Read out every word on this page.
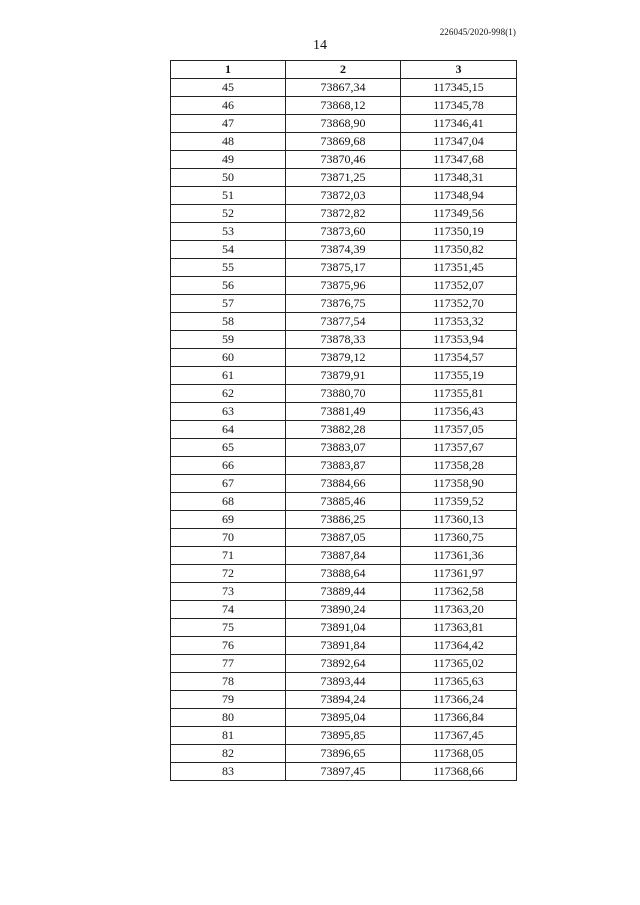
226045/2020-998(1)
14
1	2	3
45	73867,34	117345,15
46	73868,12	117345,78
47	73868,90	117346,41
48	73869,68	117347,04
49	73870,46	117347,68
50	73871,25	117348,31
51	73872,03	117348,94
52	73872,82	117349,56
53	73873,60	117350,19
54	73874,39	117350,82
55	73875,17	117351,45
56	73875,96	117352,07
57	73876,75	117352,70
58	73877,54	117353,32
59	73878,33	117353,94
60	73879,12	117354,57
61	73879,91	117355,19
62	73880,70	117355,81
63	73881,49	117356,43
64	73882,28	117357,05
65	73883,07	117357,67
66	73883,87	117358,28
67	73884,66	117358,90
68	73885,46	117359,52
69	73886,25	117360,13
70	73887,05	117360,75
71	73887,84	117361,36
72	73888,64	117361,97
73	73889,44	117362,58
74	73890,24	117363,20
75	73891,04	117363,81
76	73891,84	117364,42
77	73892,64	117365,02
78	73893,44	117365,63
79	73894,24	117366,24
80	73895,04	117366,84
81	73895,85	117367,45
82	73896,65	117368,05
83	73897,45	117368,66
